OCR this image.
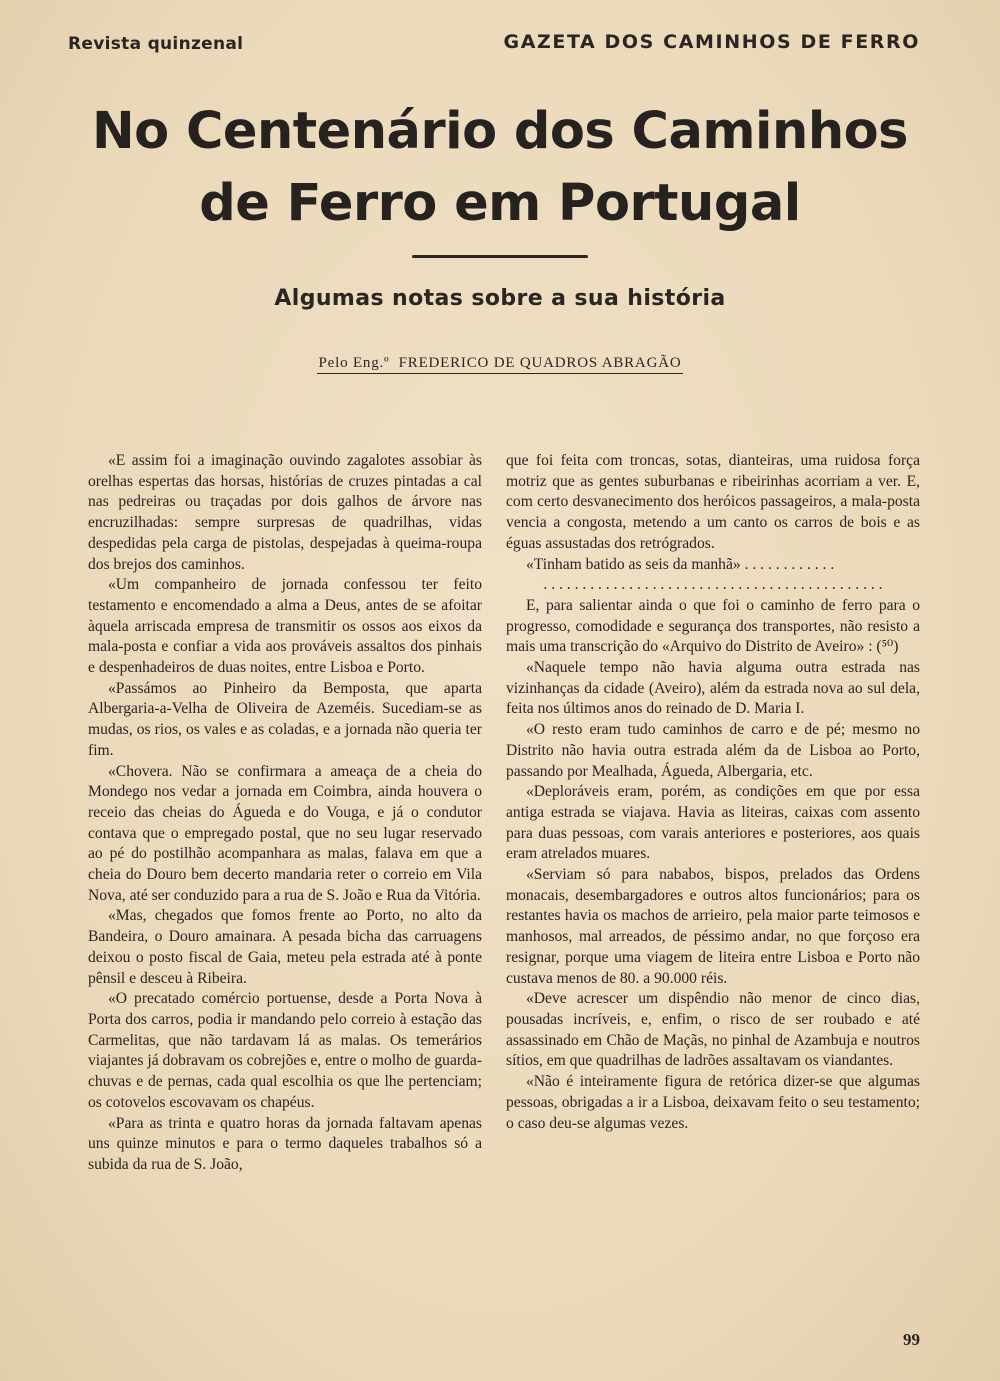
Revista quinzenal	GAZETA DOS CAMINHOS DE FERRO
No Centenário dos Caminhos
de Ferro em Portugal
Algumas notas sobre a sua história
Pelo Eng.º FREDERICO DE QUADROS ABRAGÃO

«E assim foi a imaginação ouvindo zagalotes assobiar às orelhas espertas das horsas, histórias de cruzes pintadas a cal nas pedreiras ou traçadas por dois galhos de árvore nas encruzilhadas: sempre surpresas de quadrilhas, vidas despedidas pela carga de pistolas, despejadas à queima-roupa dos brejos dos caminhos.

«Um companheiro de jornada confessou ter feito testamento e encomendado a alma a Deus, antes de se afoitar àquela arriscada empresa de transmitir os ossos aos eixos da mala-posta e confiar a vida aos prováveis assaltos dos pinhais e despenhadeiros de duas noites, entre Lisboa e Porto.

«Passámos ao Pinheiro da Bemposta, que aparta Albergaria-a-Velha de Oliveira de Azeméis. Sucediam-se as mudas, os rios, os vales e as coladas, e a jornada não queria ter fim.

«Chovera. Não se confirmara a ameaça de a cheia do Mondego nos vedar a jornada em Coimbra, ainda houvera o receio das cheias do Águeda e do Vouga, e já o condutor contava que o empregado postal, que no seu lugar reservado ao pé do postilhão acompanhara as malas, falava em que a cheia do Douro bem decerto mandaria reter o correio em Vila Nova, até ser conduzido para a rua de S. João e Rua da Vitória.

«Mas, chegados que fomos frente ao Porto, no alto da Bandeira, o Douro amainara. A pesada bicha das carruagens deixou o posto fiscal de Gaia, meteu pela estrada até à ponte pênsil e desceu à Ribeira.

«O precatado comércio portuense, desde a Porta Nova à Porta dos carros, podia ir mandando pelo correio à estação das Carmelitas, que não tardavam lá as malas. Os temerários viajantes já dobravam os cobrejões e, entre o molho de guarda-chuvas e de pernas, cada qual escolhia os que lhe pertenciam; os cotovelos escovavam os chapéus.

«Para as trinta e quatro horas da jornada faltavam apenas uns quinze minutos e para o termo daqueles trabalhos só a subida da rua de S. João,

que foi feita com troncas, sotas, dianteiras, uma ruidosa força motriz que as gentes suburbanas e ribeirinhas acorriam a ver. E, com certo desvanecimento dos heróicos passageiros, a mala-posta vencia a congosta, metendo a um canto os carros de bois e as éguas assustadas dos retrógrados.

«Tinham batido as seis da manhã» . . . . . . . . . . . .

. . . . . . . . . . . . . . . . . . . . . . . . . . . . . . . . . . . . . . . . . . . .

E, para salientar ainda o que foi o caminho de ferro para o progresso, comodidade e segurança dos transportes, não resisto a mais uma transcrição do «Arquivo do Distrito de Aveiro» : (⁵⁰)

«Naquele tempo não havia alguma outra estrada nas vizinhanças da cidade (Aveiro), além da estrada nova ao sul dela, feita nos últimos anos do reinado de D. Maria I.

«O resto eram tudo caminhos de carro e de pé; mesmo no Distrito não havia outra estrada além da de Lisboa ao Porto, passando por Mealhada, Águeda, Albergaria, etc.

«Deploráveis eram, porém, as condições em que por essa antiga estrada se viajava. Havia as liteiras, caixas com assento para duas pessoas, com varais anteriores e posteriores, aos quais eram atrelados muares.

«Serviam só para nababos, bispos, prelados das Ordens monacais, desembargadores e outros altos funcionários; para os restantes havia os machos de arrieiro, pela maior parte teimosos e manhosos, mal arreados, de péssimo andar, no que forçoso era resignar, porque uma viagem de liteira entre Lisboa e Porto não custava menos de 80. a 90.000 réis.

«Deve acrescer um dispêndio não menor de cinco dias, pousadas incríveis, e, enfim, o risco de ser roubado e até assassinado em Chão de Maçãs, no pinhal de Azambuja e noutros sítios, em que quadrilhas de ladrões assaltavam os viandantes.

«Não é inteiramente figura de retórica dizer-se que algumas pessoas, obrigadas a ir a Lisboa, deixavam feito o seu testamento; o caso deu-se algumas vezes.

99
